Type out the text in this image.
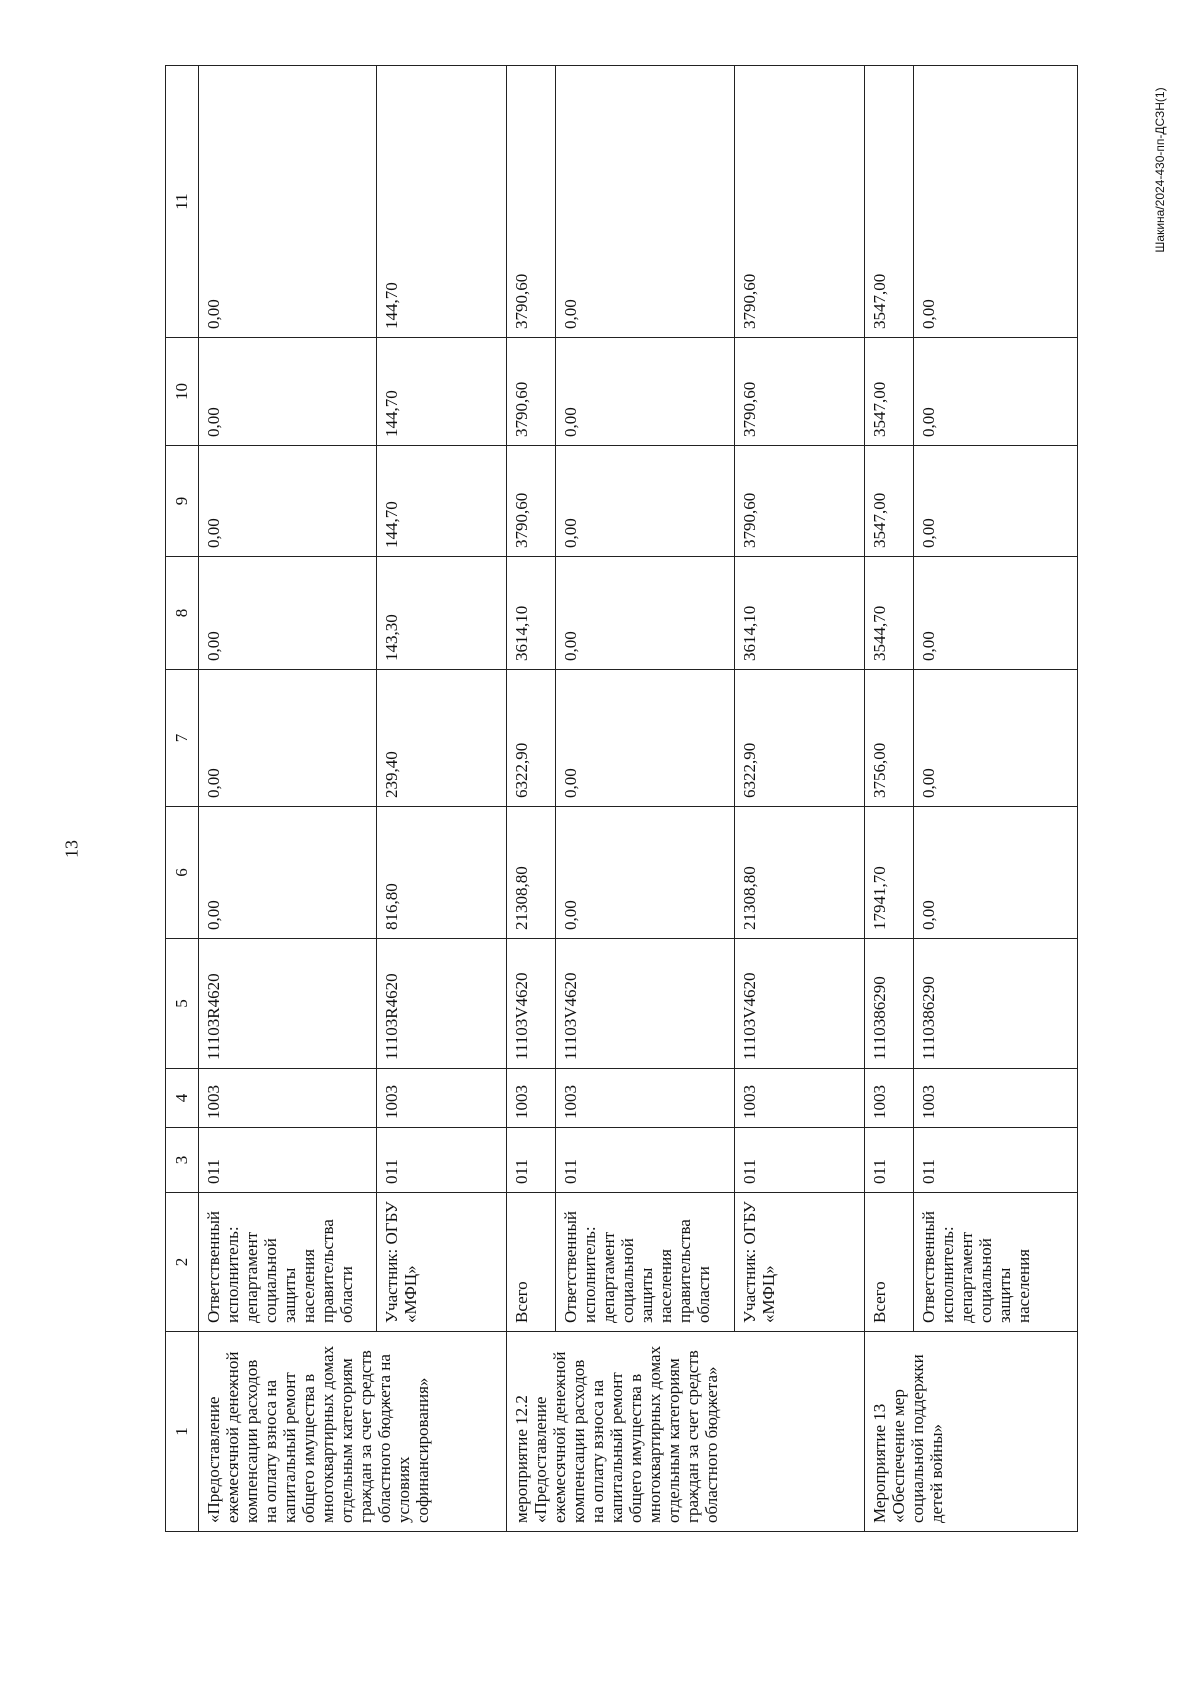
13
Шакина/2024-430-пп-ДСЗН(1)
1	2	3	4	5	6	7	8	9	10	11
«Предоставление ежемесячной денежной компенсации расходов на оплату взноса на капитальный ремонт общего имущества в многоквартирных домах отдельным категориям граждан за счет средств областного бюджета на условиях софинансирования»	Ответственный исполнитель: департамент социальной защиты населения правительства области	011	1003	11103R4620	0,00	0,00	0,00	0,00	0,00	0,00
	Участник: ОГБУ «МФЦ»	011	1003	11103R4620	816,80	239,40	143,30	144,70	144,70	144,70
мероприятие 12.2 «Предоставление ежемесячной денежной компенсации расходов на оплату взноса на капитальный ремонт общего имущества в многоквартирных домах отдельным категориям граждан за счет средств областного бюджета»	Всего	011	1003	11103V4620	21308,80	6322,90	3614,10	3790,60	3790,60	3790,60
	Ответственный исполнитель: департамент социальной защиты населения правительства области	011	1003	11103V4620	0,00	0,00	0,00	0,00	0,00	0,00
	Участник: ОГБУ «МФЦ»	011	1003	11103V4620	21308,80	6322,90	3614,10	3790,60	3790,60	3790,60
Мероприятие 13 «Обеспечение мер социальной поддержки детей войны»	Всего	011	1003	1110386290	17941,70	3756,00	3544,70	3547,00	3547,00	3547,00
	Ответственный исполнитель: департамент социальной защиты населения	011	1003	1110386290	0,00	0,00	0,00	0,00	0,00	0,00
